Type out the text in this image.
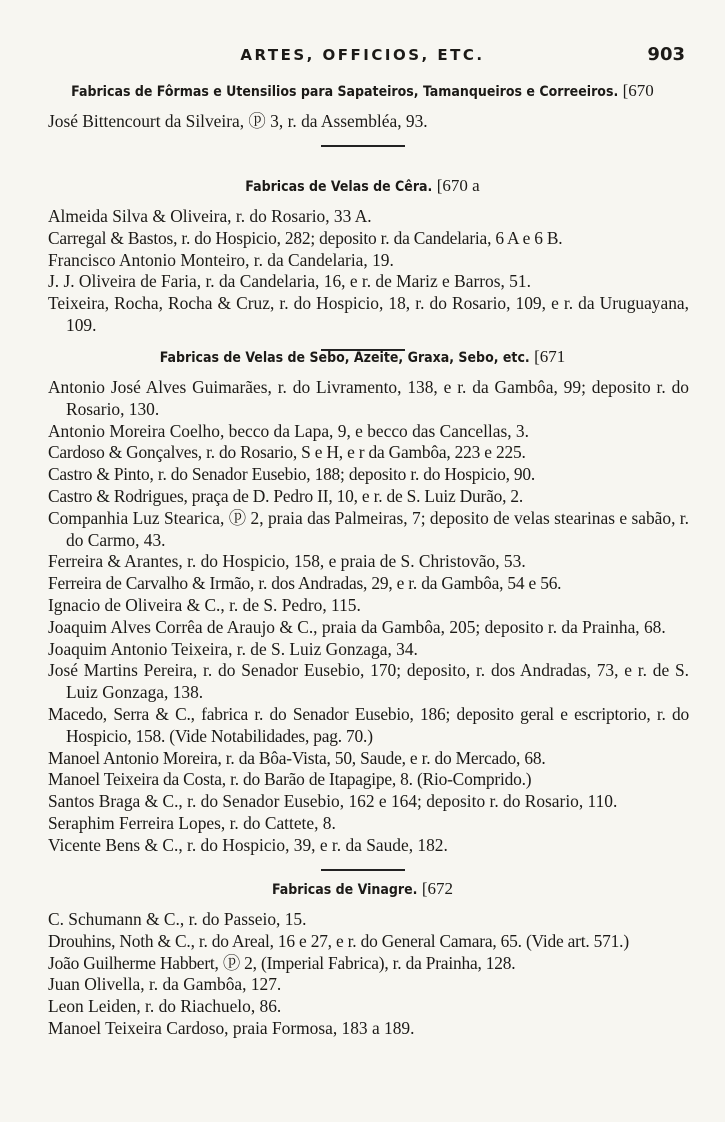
ARTES, OFFICIOS, ETC.	903
Fabricas de Fôrmas e Utensilios para Sapateiros, Tamanqueiros e Correeiros. [670
José Bittencourt da Silveira, ⓟ 3, r. da Assembléa, 93.
Fabricas de Velas de Cêra. [670 a
Almeida Silva & Oliveira, r. do Rosario, 33 A.
Carregal & Bastos, r. do Hospicio, 282; deposito r. da Candelaria, 6 A e 6 B.
Francisco Antonio Monteiro, r. da Candelaria, 19.
J. J. Oliveira de Faria, r. da Candelaria, 16, e r. de Mariz e Barros, 51.
Teixeira, Rocha, Rocha & Cruz, r. do Hospicio, 18, r. do Rosario, 109, e r. da Uruguayana, 109.
Fabricas de Velas de Sebo, Azeite, Graxa, Sebo, etc. [671
Antonio José Alves Guimarães, r. do Livramento, 138, e r. da Gambôa, 99; deposito r. do Rosario, 130.
Antonio Moreira Coelho, becco da Lapa, 9, e becco das Cancellas, 3.
Cardoso & Gonçalves, r. do Rosario, S e H, e r da Gambôa, 223 e 225.
Castro & Pinto, r. do Senador Eusebio, 188; deposito r. do Hospicio, 90.
Castro & Rodrigues, praça de D. Pedro II, 10, e r. de S. Luiz Durão, 2.
Companhia Luz Stearica, ⓟ 2, praia das Palmeiras, 7; deposito de velas stearinas e sabão, r. do Carmo, 43.
Ferreira & Arantes, r. do Hospicio, 158, e praia de S. Christovão, 53.
Ferreira de Carvalho & Irmão, r. dos Andradas, 29, e r. da Gambôa, 54 e 56.
Ignacio de Oliveira & C., r. de S. Pedro, 115.
Joaquim Alves Corrêa de Araujo & C., praia da Gambôa, 205; deposito r. da Prainha, 68.
Joaquim Antonio Teixeira, r. de S. Luiz Gonzaga, 34.
José Martins Pereira, r. do Senador Eusebio, 170; deposito, r. dos Andradas, 73, e r. de S. Luiz Gonzaga, 138.
Macedo, Serra & C., fabrica r. do Senador Eusebio, 186; deposito geral e escriptorio, r. do Hospicio, 158. (Vide Notabilidades, pag. 70.)
Manoel Antonio Moreira, r. da Bôa-Vista, 50, Saude, e r. do Mercado, 68.
Manoel Teixeira da Costa, r. do Barão de Itapagipe, 8. (Rio-Comprido.)
Santos Braga & C., r. do Senador Eusebio, 162 e 164; deposito r. do Rosario, 110.
Seraphim Ferreira Lopes, r. do Cattete, 8.
Vicente Bens & C., r. do Hospicio, 39, e r. da Saude, 182.
Fabricas de Vinagre. [672
C. Schumann & C., r. do Passeio, 15.
Drouhins, Noth & C., r. do Areal, 16 e 27, e r. do General Camara, 65. (Vide art. 571.)
João Guilherme Habbert, ⓟ 2, (Imperial Fabrica), r. da Prainha, 128.
Juan Olivella, r. da Gambôa, 127.
Leon Leiden, r. do Riachuelo, 86.
Manoel Teixeira Cardoso, praia Formosa, 183 a 189.
